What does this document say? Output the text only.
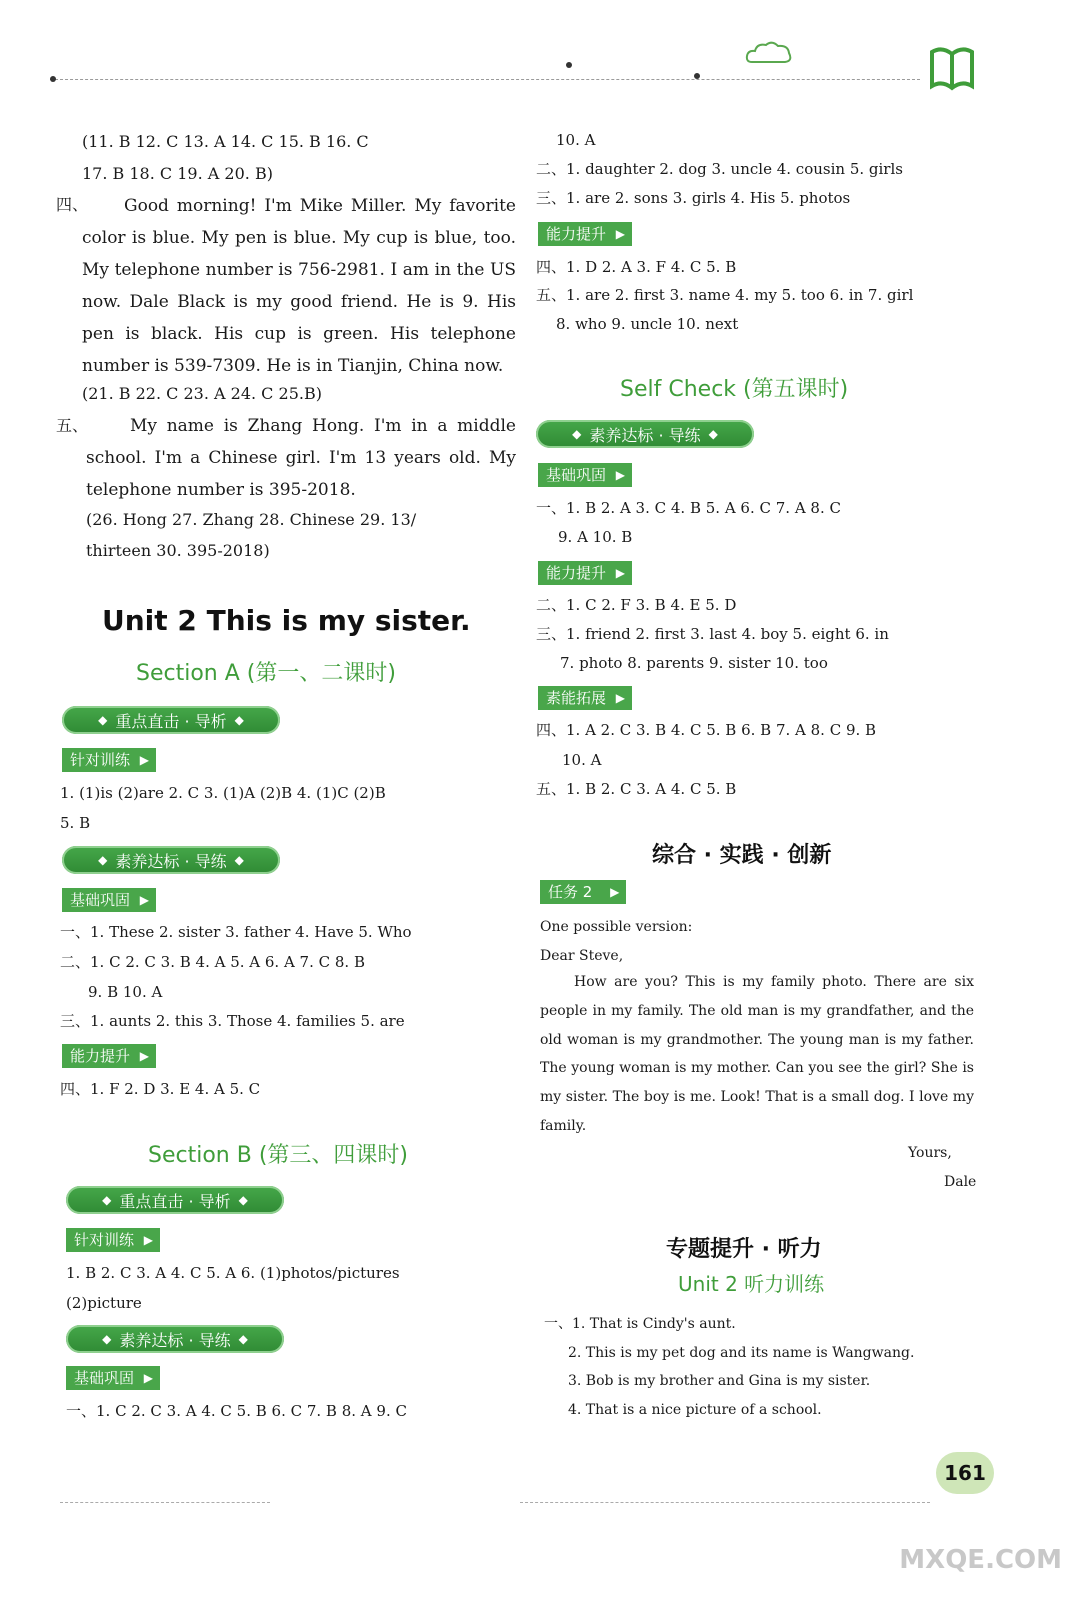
(11. B 12. C 13. A 14. C 15. B 16. C
17. B 18. C 19. A 20. B)
四、	Good morning! I'm Mike Miller. My favorite color is blue. My pen is blue. My cup is blue, too. My telephone number is 756-2981. I am in the US now. Dale Black is my good friend. He is 9. His pen is black. His cup is green. His telephone number is 539-7309. He is in Tianjin, China now.
(21. B 22. C 23. A 24. C 25.B)
五、	My name is Zhang Hong. I'm in a middle school. I'm a Chinese girl. I'm 13 years old. My telephone number is 395-2018.
(26. Hong 27. Zhang 28. Chinese 29. 13/
thirteen 30. 395-2018)
Unit 2 This is my sister.
Section A (第一、二课时)
◆ 重点直击 · 导析 ◆
针对训练 ▶
1. (1)is (2)are 2. C 3. (1)A (2)B 4. (1)C (2)B
5. B
◆ 素养达标 · 导练 ◆
基础巩固 ▶
一、1. These 2. sister 3. father 4. Have 5. Who
二、1. C 2. C 3. B 4. A 5. A 6. A 7. C 8. B
9. B 10. A
三、1. aunts 2. this 3. Those 4. families 5. are
能力提升 ▶
四、1. F 2. D 3. E 4. A 5. C
Section B (第三、四课时)
◆ 重点直击 · 导析 ◆
针对训练 ▶
1. B 2. C 3. A 4. C 5. A 6. (1)photos/pictures
(2)picture
◆ 素养达标 · 导练 ◆
基础巩固 ▶
一、1. C 2. C 3. A 4. C 5. B 6. C 7. B 8. A 9. C
10. A
二、1. daughter 2. dog 3. uncle 4. cousin 5. girls
三、1. are 2. sons 3. girls 4. His 5. photos
能力提升 ▶
四、1. D 2. A 3. F 4. C 5. B
五、1. are 2. first 3. name 4. my 5. too 6. in 7. girl
8. who 9. uncle 10. next
Self Check (第五课时)
◆ 素养达标 · 导练 ◆
基础巩固 ▶
一、1. B 2. A 3. C 4. B 5. A 6. C 7. A 8. C
9. A 10. B
能力提升 ▶
二、1. C 2. F 3. B 4. E 5. D
三、1. friend 2. first 3. last 4. boy 5. eight 6. in
7. photo 8. parents 9. sister 10. too
素能拓展 ▶
四、1. A 2. C 3. B 4. C 5. B 6. B 7. A 8. C 9. B
10. A
五、1. B 2. C 3. A 4. C 5. B
综合 · 实践 · 创新
任务 2 ▶
One possible version:
Dear Steve,
How are you? This is my family photo. There are six people in my family. The old man is my grandfather, and the old woman is my grandmother. The young man is my father. The young woman is my mother. Can you see the girl? She is my sister. The boy is me. Look! That is a small dog. I love my family.
Yours,
Dale
专题提升 · 听力
Unit 2 听力训练
一、1. That is Cindy's aunt.
2. This is my pet dog and its name is Wangwang.
3. Bob is my brother and Gina is my sister.
4. That is a nice picture of a school.
161
MXQE.COM
